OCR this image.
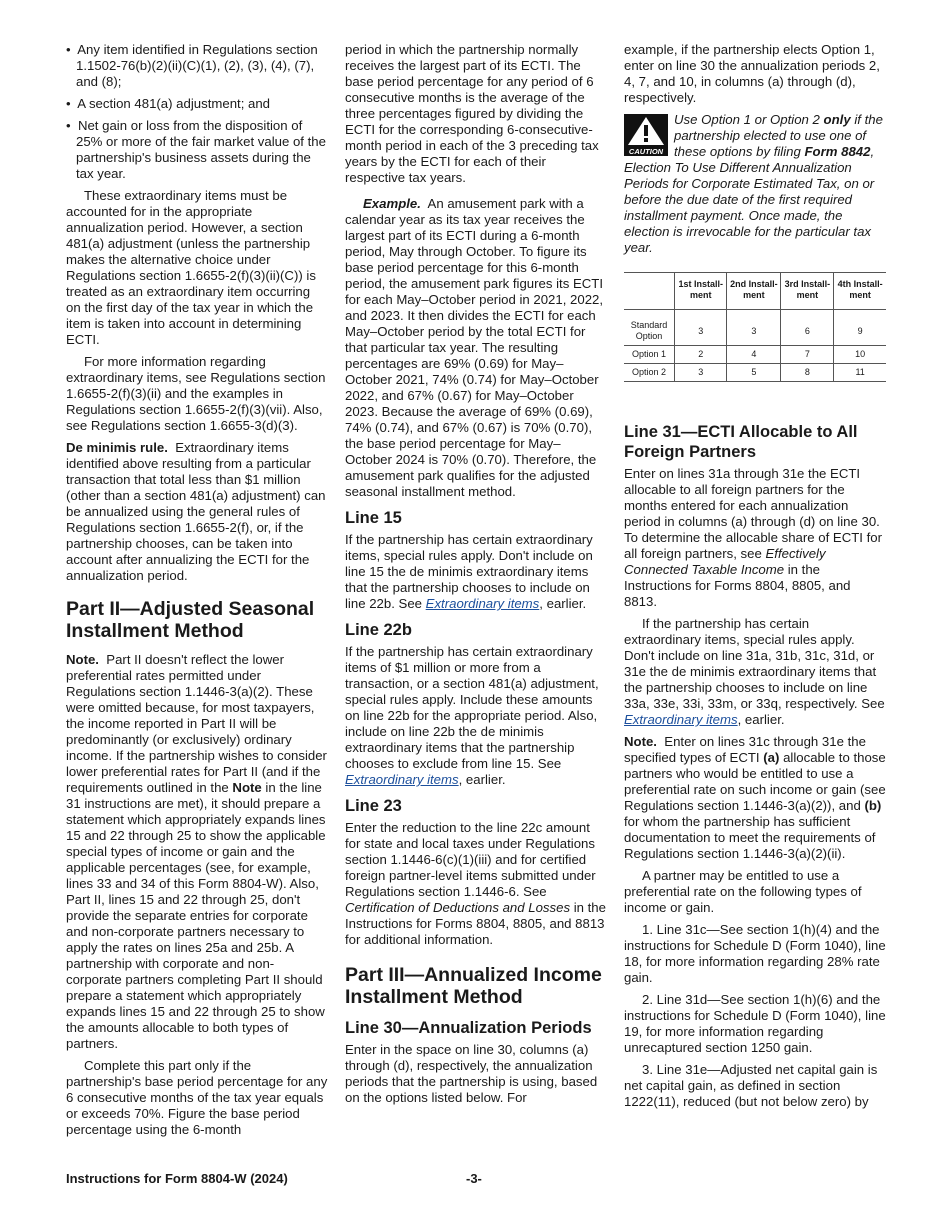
•  Any item identified in Regulations section 1.1502-76(b)(2)(ii)(C)(1), (2), (3), (4), (7), and (8);

•  A section 481(a) adjustment; and

•  Net gain or loss from the disposition of 25% or more of the fair market value of the partnership's business assets during the tax year.

These extraordinary items must be accounted for in the appropriate annualization period. However, a section 481(a) adjustment (unless the partnership makes the alternative choice under Regulations section 1.6655-2(f)(3)(ii)(C)) is treated as an extraordinary item occurring on the first day of the tax year in which the item is taken into account in determining ECTI.

For more information regarding extraordinary items, see Regulations section 1.6655-2(f)(3)(ii) and the examples in Regulations section 1.6655-2(f)(3)(vii). Also, see Regulations section 1.6655-3(d)(3).

De minimis rule. Extraordinary items identified above resulting from a particular transaction that total less than $1 million (other than a section 481(a) adjustment) can be annualized using the general rules of Regulations section 1.6655-2(f), or, if the partnership chooses, can be taken into account after annualizing the ECTI for the annualization period.

Part II—Adjusted Seasonal Installment Method

Note. Part II doesn't reflect the lower preferential rates permitted under Regulations section 1.1446-3(a)(2). These were omitted because, for most taxpayers, the income reported in Part II will be predominantly (or exclusively) ordinary income. If the partnership wishes to consider lower preferential rates for Part II (and if the requirements outlined in the Note in the line 31 instructions are met), it should prepare a statement which appropriately expands lines 15 and 22 through 25 to show the applicable special types of income or gain and the applicable percentages (see, for example, lines 33 and 34 of this Form 8804-W). Also, Part II, lines 15 and 22 through 25, don't provide the separate entries for corporate and non-corporate partners necessary to apply the rates on lines 25a and 25b. A partnership with corporate and non-corporate partners completing Part II should prepare a statement which appropriately expands lines 15 and 22 through 25 to show the amounts allocable to both types of partners.

Complete this part only if the partnership's base period percentage for any 6 consecutive months of the tax year equals or exceeds 70%. Figure the base period percentage using the 6-month

period in which the partnership normally receives the largest part of its ECTI. The base period percentage for any period of 6 consecutive months is the average of the three percentages figured by dividing the ECTI for the corresponding 6-consecutive-month period in each of the 3 preceding tax years by the ECTI for each of their respective tax years.

Example. An amusement park with a calendar year as its tax year receives the largest part of its ECTI during a 6-month period, May through October. To figure its base period percentage for this 6-month period, the amusement park figures its ECTI for each May–October period in 2021, 2022, and 2023. It then divides the ECTI for each May–October period by the total ECTI for that particular tax year. The resulting percentages are 69% (0.69) for May–October 2021, 74% (0.74) for May–October 2022, and 67% (0.67) for May–October 2023. Because the average of 69% (0.69), 74% (0.74), and 67% (0.67) is 70% (0.70), the base period percentage for May–October 2024 is 70% (0.70). Therefore, the amusement park qualifies for the adjusted seasonal installment method.

Line 15

If the partnership has certain extraordinary items, special rules apply. Don't include on line 15 the de minimis extraordinary items that the partnership chooses to include on line 22b. See Extraordinary items, earlier.

Line 22b

If the partnership has certain extraordinary items of $1 million or more from a transaction, or a section 481(a) adjustment, special rules apply. Include these amounts on line 22b for the appropriate period. Also, include on line 22b the de minimis extraordinary items that the partnership chooses to exclude from line 15. See Extraordinary items, earlier.

Line 23

Enter the reduction to the line 22c amount for state and local taxes under Regulations section 1.1446-6(c)(1)(iii) and for certified foreign partner-level items submitted under Regulations section 1.1446-6. See Certification of Deductions and Losses in the Instructions for Forms 8804, 8805, and 8813 for additional information.

Part III—Annualized Income Installment Method
Line 30—Annualization Periods

Enter in the space on line 30, columns (a) through (d), respectively, the annualization periods that the partnership is using, based on the options listed below. For

example, if the partnership elects Option 1, enter on line 30 the annualization periods 2, 4, 7, and 10, in columns (a) through (d), respectively.

CAUTION
Use Option 1 or Option 2 only if the partnership elected to use one of these options by filing Form 8842, Election To Use Different Annualization Periods for Corporate Estimated Tax, on or before the due date of the first required installment payment. Once made, the election is irrevocable for the particular tax year.
	1st Install-ment	2nd Install-ment	3rd Install-ment	4th Install-ment
Standard Option	3	3	6	9
Option 1	2	4	7	10
Option 2	3	5	8	11
Line 31—ECTI Allocable to All Foreign Partners

Enter on lines 31a through 31e the ECTI allocable to all foreign partners for the months entered for each annualization period in columns (a) through (d) on line 30. To determine the allocable share of ECTI for all foreign partners, see Effectively Connected Taxable Income in the Instructions for Forms 8804, 8805, and 8813.

If the partnership has certain extraordinary items, special rules apply. Don't include on line 31a, 31b, 31c, 31d, or 31e the de minimis extraordinary items that the partnership chooses to include on line 33a, 33e, 33i, 33m, or 33q, respectively. See Extraordinary items, earlier.

Note. Enter on lines 31c through 31e the specified types of ECTI (a) allocable to those partners who would be entitled to use a preferential rate on such income or gain (see Regulations section 1.1446-3(a)(2)), and (b) for whom the partnership has sufficient documentation to meet the requirements of Regulations section 1.1446-3(a)(2)(ii).

A partner may be entitled to use a preferential rate on the following types of income or gain.

1. Line 31c—See section 1(h)(4) and the instructions for Schedule D (Form 1040), line 18, for more information regarding 28% rate gain.

2. Line 31d—See section 1(h)(6) and the instructions for Schedule D (Form 1040), line 19, for more information regarding unrecaptured section 1250 gain.

3. Line 31e—Adjusted net capital gain is net capital gain, as defined in section 1222(11), reduced (but not below zero) by

Instructions for Form 8804-W (2024)	-3-
